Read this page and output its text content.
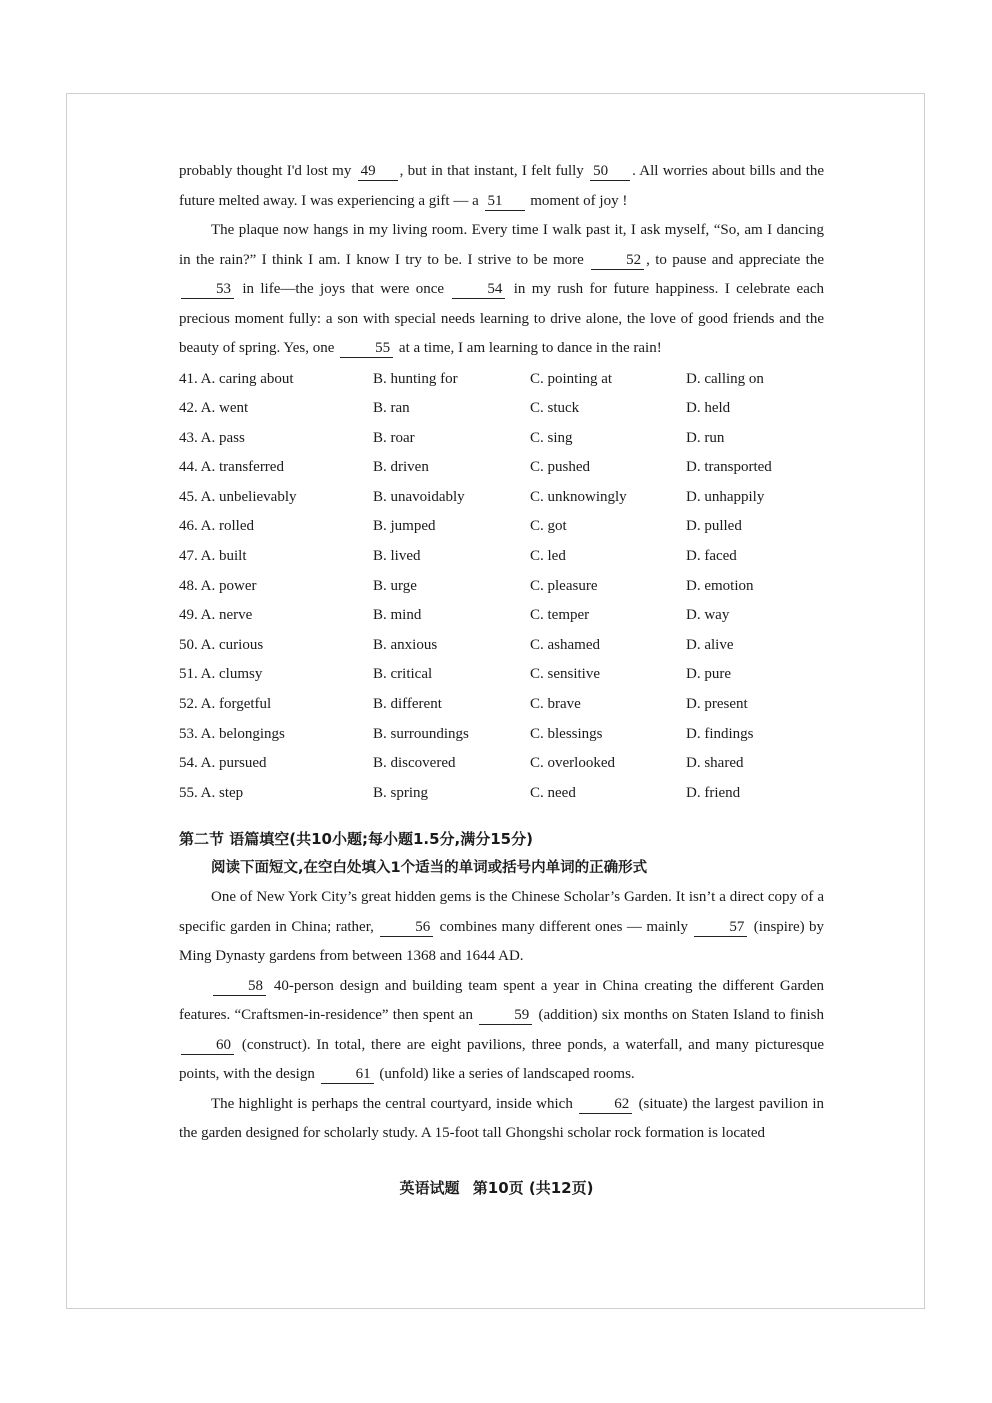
probably thought I'd lost my 49 , but in that instant, I felt fully 50 . All worries about bills and the future melted away. I was experiencing a gift — a 51 moment of joy !

The plaque now hangs in my living room. Every time I walk past it, I ask myself, “So, am I dancing in the rain?” I think I am. I know I try to be. I strive to be more	52 , to pause and appreciate the 53 in life—the joys that were once	54 in my rush for future happiness. I celebrate each precious moment fully: a son with special needs learning to drive alone, the love of good friends and the beauty of spring. Yes, one	55 at a time, I am learning to dance in the rain!

41. A. caring about	B. hunting for	C. pointing at	D. calling on
42. A. went	B. ran	C. stuck	D. held
43. A. pass	B. roar	C. sing	D. run
44. A. transferred	B. driven	C. pushed	D. transported
45. A. unbelievably	B. unavoidably	C. unknowingly	D. unhappily
46. A. rolled	B. jumped	C. got	D. pulled
47. A. built	B. lived	C. led	D. faced
48. A. power	B. urge	C. pleasure	D. emotion
49. A. nerve	B. mind	C. temper	D. way
50. A. curious	B. anxious	C. ashamed	D. alive
51. A. clumsy	B. critical	C. sensitive	D. pure
52. A. forgetful	B. different	C. brave	D. present
53. A. belongings	B. surroundings	C. blessings	D. findings
54. A. pursued	B. discovered	C. overlooked	D. shared
55. A. step	B. spring	C. need	D. friend
第二节 语篇填空(共10小题;每小题1.5分,满分15分)
阅读下面短文,在空白处填入1个适当的单词或括号内单词的正确形式

One of New York City’s great hidden gems is the Chinese Scholar’s Garden. It isn’t a direct copy of a specific garden in China; rather,	56 combines many different ones — mainly	57 (inspire) by Ming Dynasty gardens from between 1368 and 1644 AD.

58 40-person design and building team spent a year in China creating the different Garden features. “Craftsmen-in-residence” then spent an	59 (addition) six months on Staten Island to finish 60 (construct). In total, there are eight pavilions, three ponds, a waterfall, and many picturesque points, with the design	61 (unfold) like a series of landscaped rooms.

The highlight is perhaps the central courtyard, inside which	62 (situate) the largest pavilion in the garden designed for scholarly study. A 15-foot tall Ghongshi scholar rock formation is located

英语试题 第10页 (共12页)
